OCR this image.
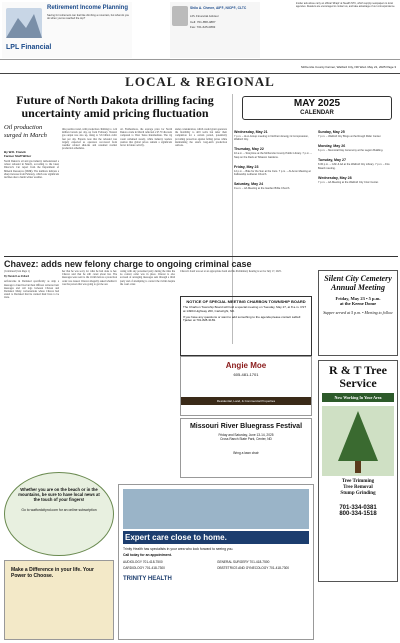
Retirement Income Planning
Saving for retirement can feel like climbing a mountain, but what do you do when you've reached the top?
LPL Financial
Shilo A. Chevre, AIF®, NICP®, CLTC
LPL Financial Advisor
Cell: 701-858-4887
Fax: 701-625-0893
Insider ads above carry an official 'Mcapt' at Stealth NTC, which supply newspapers to local agencies. Readers are encouraged to contact us, and take advantage of our correspondence.
McKenzie County Farmer, Watford City, ND Wed. May 21, 2025 Page 3
LOCAL & REGIONAL
Future of North Dakota drilling facing uncertainty amid pricing fluctuation
Oil production surged in March
By W.K. Franck
Farmer Staff Writer
North Dakota's oil and gas industry demonstrated a robust rebound in March, according to the latest Director's Cut report from the Department of Mineral Resources (DMR). The numbers indicate a sharp increase from February, which saw significant declines due to harsh winter weather.
this positive trend, with production climbing to 1.24 million barrels per day, up from February. Natural gas output was also up, rising to 3.6 billion cubic feet per day. Experts note that the rebound was largely expected as operators recovered from weather related shut-ins and resumed normal production schedules.
oil. Furthermore, the average price for North Dakota crude in March reflected a $7.70 discount compared to West Texas Intermediate. The rig count remained steady, while industry leaders caution that global prices remain a significant factor in future activity.
under consideration, which would grant operators the flexibility to drill wells but defer their completion for a certain period, potentially providing protection against falling prices while maintaining the state's long-term production outlook.
MAY 2025
CALENDAR
Wednesday, May 21
7 p.m. – At-A-Group meeting in Northern Energy & Compression, Watford City.
Thursday, May 22
10 a.m. – Storytime at the McKenzie County Public Library. 7 p.m. – Step on the Deck at Tobacco Gardens.
Friday, May 23
12 p.m. – Bike for the Sun at the Cuts. 7 p.m. – Al-Anon Meeting at Fellowship Lutheran Church.
Saturday, May 24
9 a.m. – AA Meeting at the Garden Bible Church.
Sunday, May 25
7 p.m. – Watford City Bingo at the Rough Rider Center.
Monday, May 26
6 p.m. – Memorial Day Ceremony at the Legion Building.
Tuesday, May 27
6:30 p.m. – CAF & Ad at the Watford City Library. 7 p.m. – Fire Board meeting.
Wednesday, May 28
7 p.m. – AA Meeting at the Watford City Civic Center.
Chavez: adds new felony charge to ongoing criminal case
(Continued from Page 1)
By Harold Lee Pollard
self-income in Darlaned specifically as strip a message to Jane Doe but then Officers reviewed text messages and call logs between Chavez and Darlaned. Many conversations where Chavez had stated to Darlaned that he wanted their lives to be done.
her that he was sorry for what he had done to her. Chavez said that he still cared about her. The messages were sent to the victim before a protection order was issued. Chavez allegedly asked whether it was the person that was going to get me out.
cating with any personnel party during the time the no contact order was in place. Chavez is also accused of arranging messages sent through a third party and of attempting to contact the victim despite the court order.
Chavez's bond was set at an appropriate bond and his Preliminary hearing is set for July 17, 2025.
NOTICE OF SPECIAL MEETING CHARBON TOWNSHIP BOARD
The Charbon Township Board will hold a special meeting on Tuesday, May 27, at 8 a.m. CST at 14904 Highway 200, Cartwright, ND.
If you have any questions or want to add something to the agenda please contact LaDell Tjaden at 701-828-3169.
Angie Moe
605-481-1701
Residential, Land, & Commercial Properties
Missouri River Bluegrass Festival
Friday and Saturday, June 13-14, 2025
Cross Ranch State Park, Center, ND
Bring a lawn chair
Silent City Cemetery Annual Meeting
Friday, May 23 • 5 p.m.
at the Keene Dome
Supper served at 5 p.m. • Meeting to follow
R & T Tree Service
Now Working In Your Area
Tree Trimming
Tree Removal
Stump Grinding
701-334-0381
800-334-1518
Whether you are on the beach or in the mountains, be sure to have local news at the touch of your fingers!
Go to watfordcitynd.com for an online subscription
Make a Difference in your life. Your Power to Choose.
Expert care close to home.
Trinity Health has specialists in your area who look forward to seeing you.
Call today for an appointment.
AUDIOLOGY 701-418-7500	GENERAL SURGERY 701-418-7500
CARDIOLOGY 701-418-7300	OBSTETRICS AND GYNECOLOGY 701-418-7300
TRINITY HEALTH
